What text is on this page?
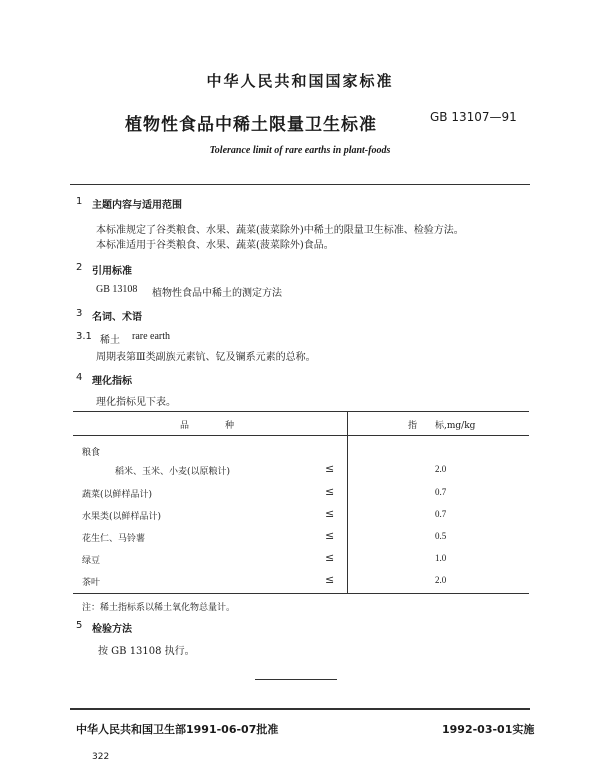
中华人民共和国国家标准
植物性食品中稀土限量卫生标准	GB 13107—91
Tolerance limit of rare earths in plant-foods
1 主题内容与适用范围
本标准规定了谷类粮食、水果、蔬菜(菠菜除外)中稀土的限量卫生标准、检验方法。
本标准适用于谷类粮食、水果、蔬菜(菠菜除外)食品。
2 引用标准
GB 13108 植物性食品中稀土的测定方法
3 名词、术语
3.1 稀土 rare earth
周期表第Ⅲ类副族元素钪、钇及镧系元素的总称。
4 理化指标
理化指标见下表。
品　　　　种	指　　标,mg/kg
粮食
稻米、玉米、小麦(以原粮计)	≤	2.0
蔬菜(以鲜样品计)	≤	0.7
水果类(以鲜样品计)	≤	0.7
花生仁、马铃薯	≤	0.5
绿豆	≤	1.0
茶叶	≤	2.0
注：稀土指标系以稀土氧化物总量计。
5 检验方法
按 GB 13108 执行。
中华人民共和国卫生部1991-06-07批准	1992-03-01实施
322
